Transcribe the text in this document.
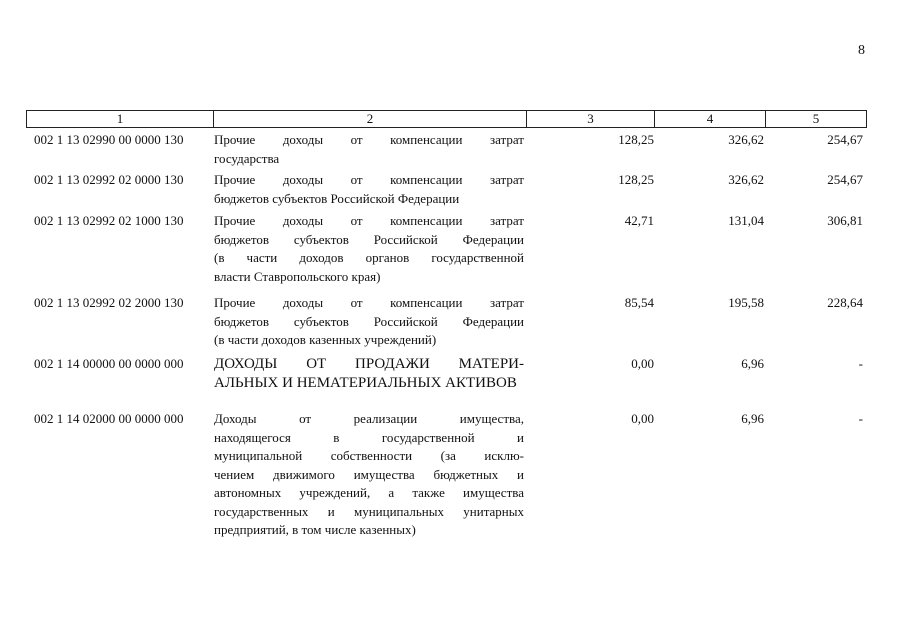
8
1	2	3	4	5
002 1 13 02990 00 0000 130 Прочие доходы от компенсации затрат
государства
128,25	326,62	254,67
002 1 13 02992 02 0000 130 Прочие доходы от компенсации затрат
бюджетов субъектов Российской Федерации
128,25	326,62	254,67
002 1 13 02992 02 1000 130 Прочие доходы от компенсации затрат
бюджетов субъектов Российской Федерации
(в части доходов органов государственной
власти Ставропольского края)
42,71	131,04	306,81
002 1 13 02992 02 2000 130 Прочие доходы от компенсации затрат
бюджетов субъектов Российской Федерации
(в части доходов казенных учреждений)
85,54	195,58	228,64
002 1 14 00000 00 0000 000 ДОХОДЫ ОТ ПРОДАЖИ МАТЕРИ-
АЛЬНЫХ И НЕМАТЕРИАЛЬНЫХ АКТИВОВ
0,00	6,96	-
002 1 14 02000 00 0000 000 Доходы от реализации имущества,
находящегося в государственной и
муниципальной собственности (за исклю-
чением движимого имущества бюджетных и
автономных учреждений, а также имущества
государственных и муниципальных унитарных
предприятий, в том числе казенных)
0,00	6,96	-
